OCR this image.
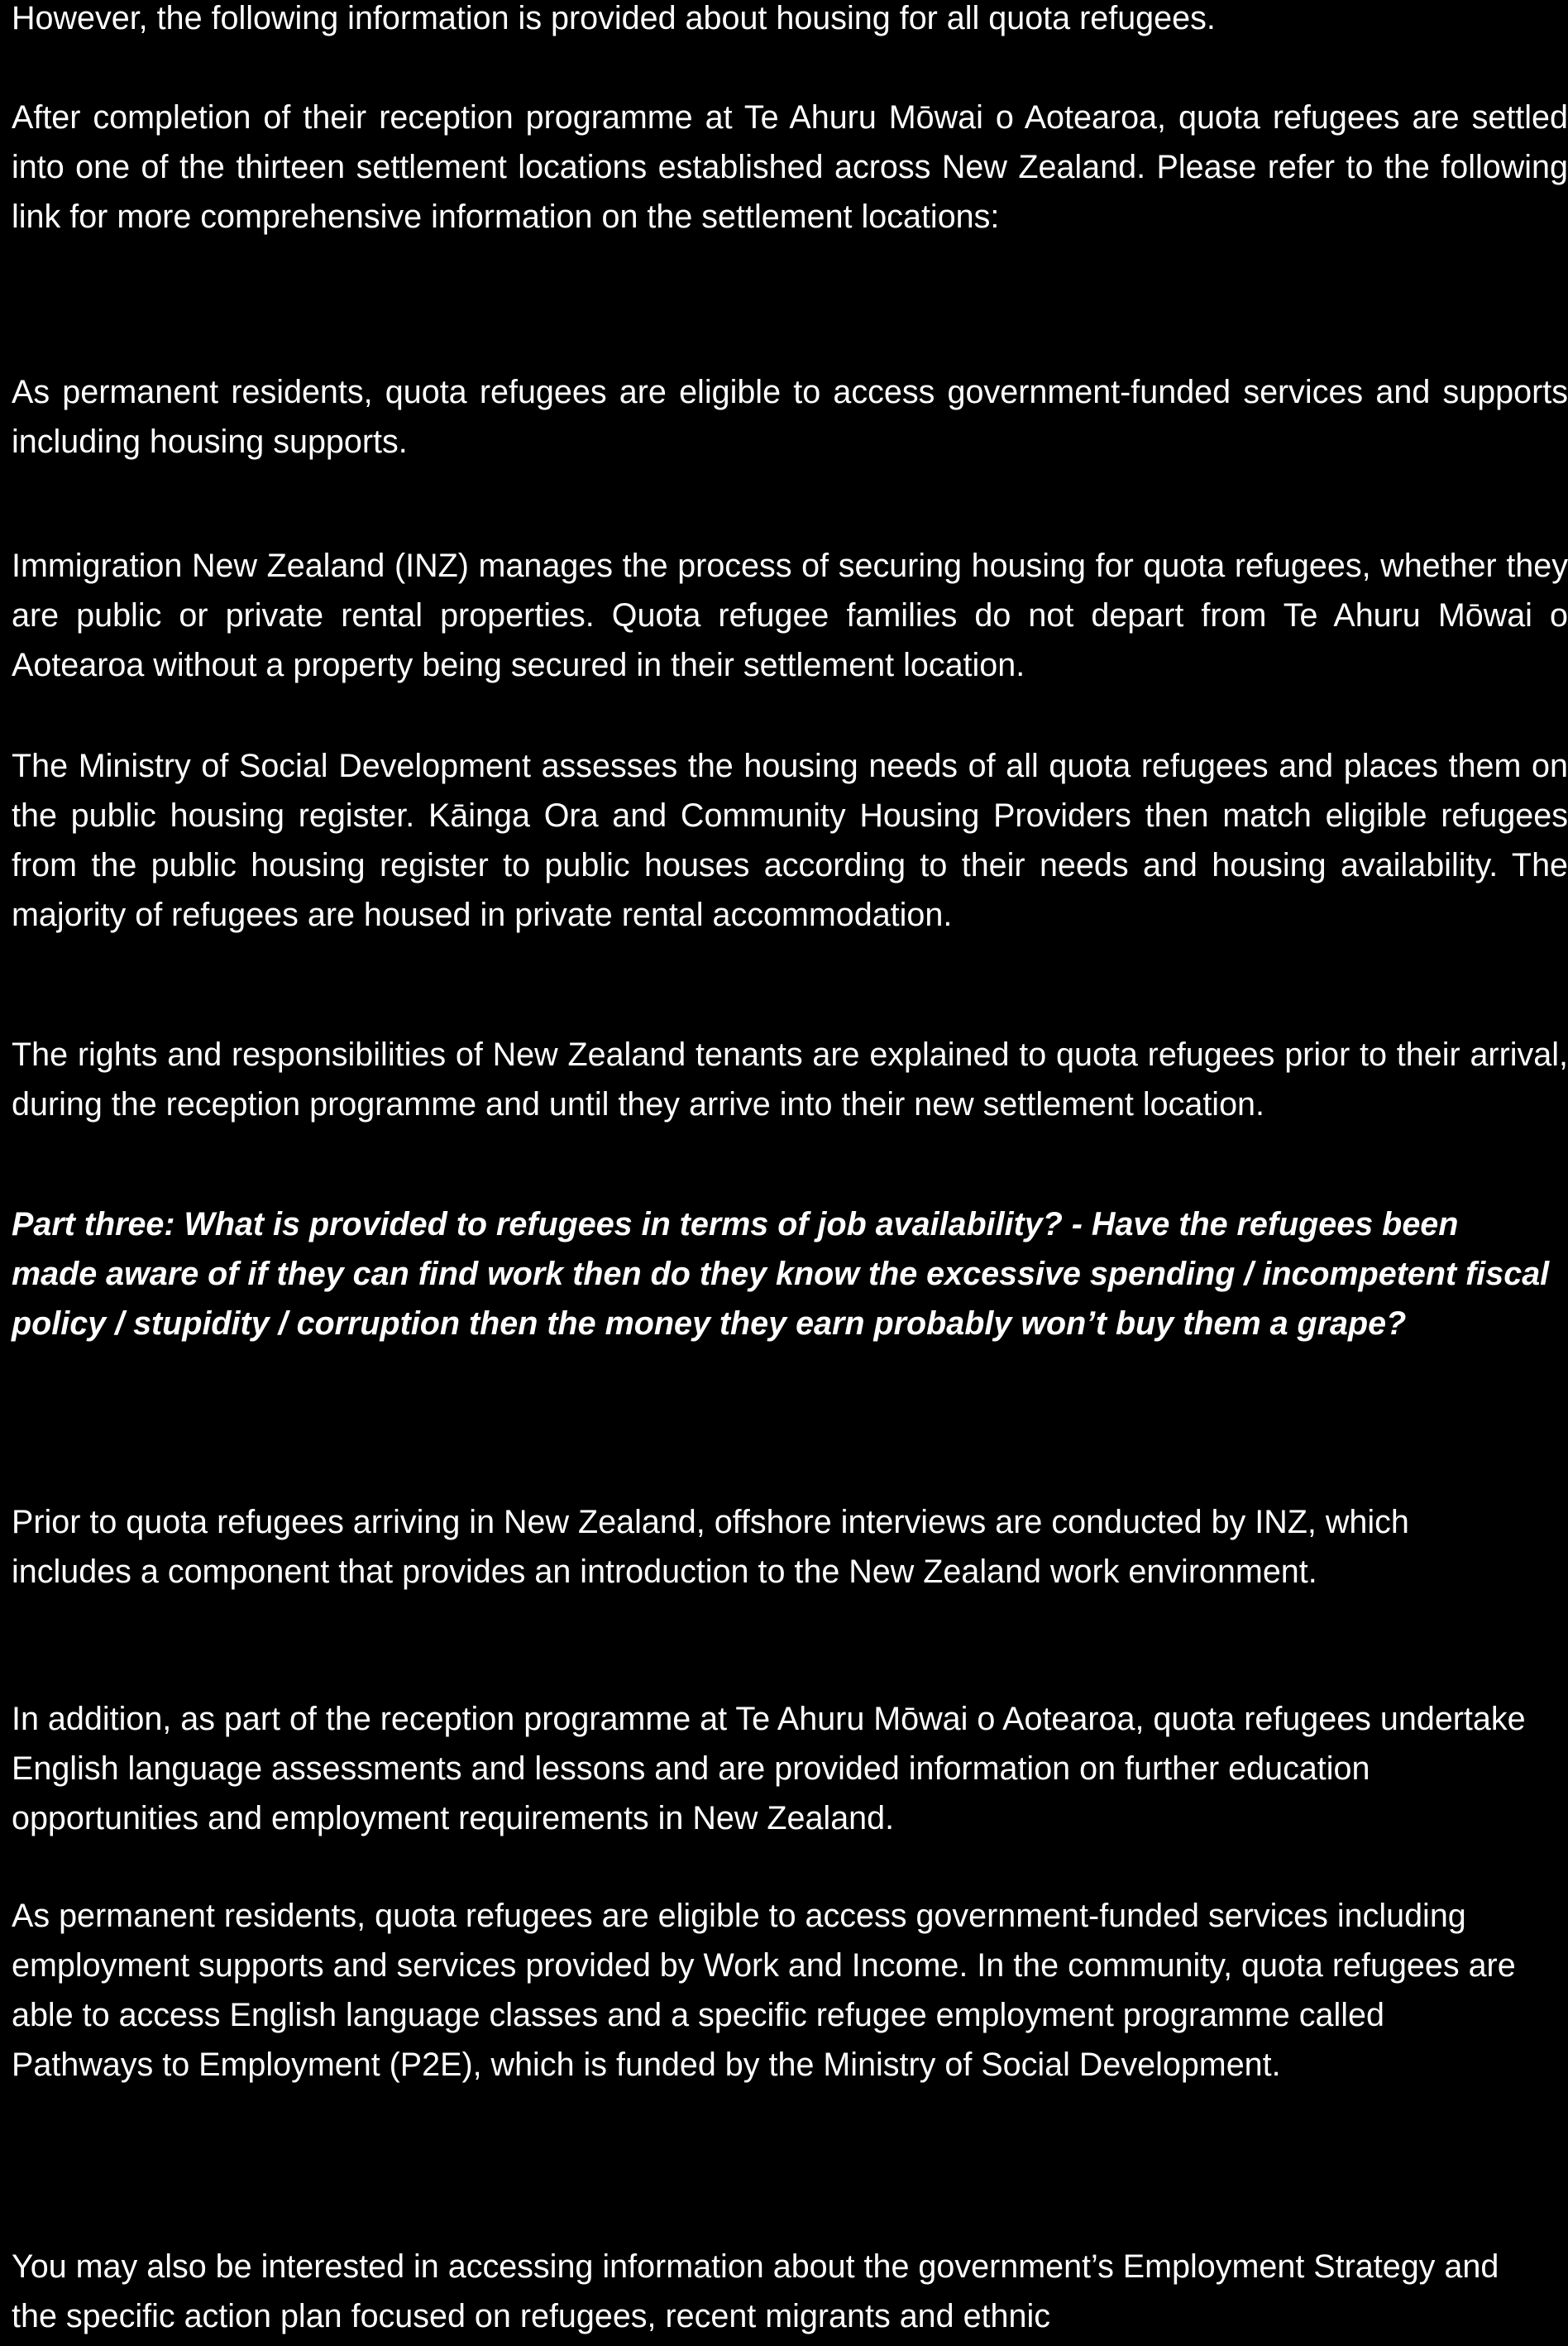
However, the following information is provided about housing for all quota refugees.

After completion of their reception programme at Te Ahuru Mōwai o Aotearoa, quota refugees are settled into one of the thirteen settlement locations established across New Zealand. Please refer to the following link for more comprehensive information on the settlement locations:

As permanent residents, quota refugees are eligible to access government-funded services and supports including housing supports.

Immigration New Zealand (INZ) manages the process of securing housing for quota refugees, whether they are public or private rental properties. Quota refugee families do not depart from Te Ahuru Mōwai o Aotearoa without a property being secured in their settlement location.

The Ministry of Social Development assesses the housing needs of all quota refugees and places them on the public housing register. Kāinga Ora and Community Housing Providers then match eligible refugees from the public housing register to public houses according to their needs and housing availability. The majority of refugees are housed in private rental accommodation.

The rights and responsibilities of New Zealand tenants are explained to quota refugees prior to their arrival, during the reception programme and until they arrive into their new settlement location.

Part three: What is provided to refugees in terms of job availability? - Have the refugees been made aware of if they can find work then do they know the excessive spending / incompetent fiscal policy / stupidity / corruption then the money they earn probably won’t buy them a grape?

Prior to quota refugees arriving in New Zealand, offshore interviews are conducted by INZ, which includes a component that provides an introduction to the New Zealand work environment.

In addition, as part of the reception programme at Te Ahuru Mōwai o Aotearoa, quota refugees undertake English language assessments and lessons and are provided information on further education opportunities and employment requirements in New Zealand.

As permanent residents, quota refugees are eligible to access government-funded services including employment supports and services provided by Work and Income. In the community, quota refugees are able to access English language classes and a specific refugee employment programme called Pathways to Employment (P2E), which is funded by the Ministry of Social Development.

You may also be interested in accessing information about the government’s Employment Strategy and the specific action plan focused on refugees, recent migrants and ethnic
